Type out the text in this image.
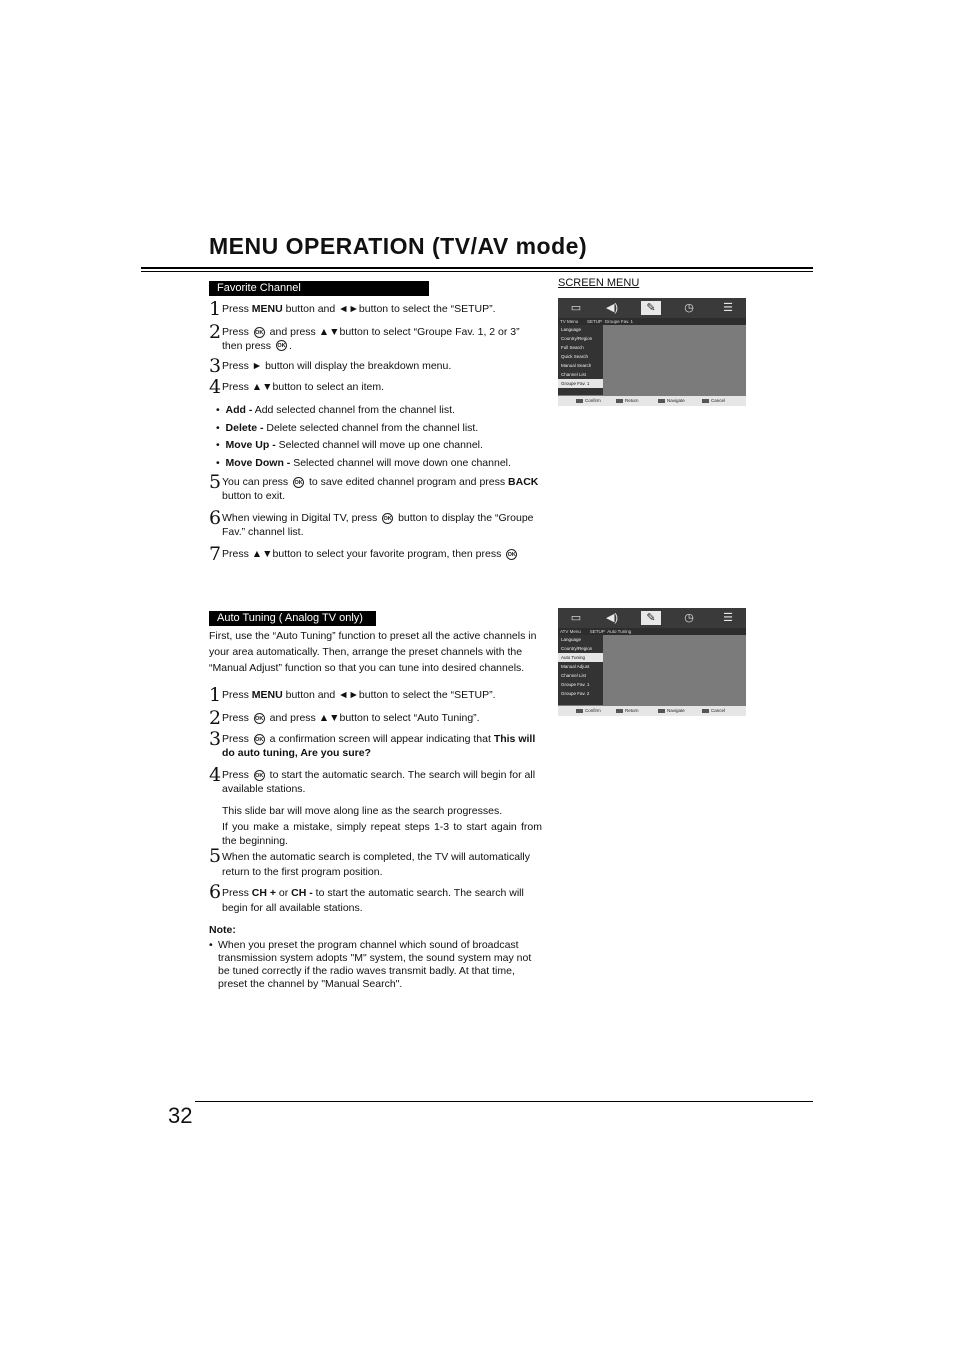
MENU OPERATION (TV/AV mode)
Favorite Channel
1 Press MENU button and ◄►button to select the “SETUP”.
2 Press OK and press ▲▼button to select “Groupe Fav. 1, 2 or 3” then press OK .
3 Press ► button will display the breakdown menu.
4 Press ▲▼button to select an item.
• Add - Add selected channel from the channel list.
• Delete - Delete selected channel from the channel list.
• Move Up - Selected channel will move up one channel.
• Move Down - Selected channel will move down one channel.
5 You can press OK to save edited channel program and press BACK button to exit.
6 When viewing in Digital TV, press OK button to display the “Groupe Fav.” channel list.
7 Press ▲▼button to select your favorite program, then press OK
SCREEN MENU
▭	◀)	✎	◷	☰
TV Menu SETUP Groupe Fav. 1
Language
Country/Region
Full Search
Quick Search
Manual Search
Channel List
Groupe Fav. 1
Confirm	Return	Navigate	Cancel
Auto Tuning ( Analog TV only)
First, use the “Auto Tuning” function to preset all the active channels in your area automatically. Then, arrange the preset channels with the “Manual Adjust” function so that you can tune into desired channels.
1 Press MENU button and ◄►button to select the “SETUP”.
2 Press OK and press ▲▼button to select “Auto Tuning”.
3 Press OK a confirmation screen will appear indicating that This will do auto tuning, Are you sure?
4 Press OK to start the automatic search. The search will begin for all available stations.
This slide bar will move along line as the search progresses.
If you make a mistake, simply repeat steps 1-3 to start again from the beginning.
5 When the automatic search is completed, the TV will automatically return to the first program position.
6 Press CH + or CH - to start the automatic search. The search will begin for all available stations.
Note:
• When you preset the program channel which sound of broadcast transmission system adopts "M" system, the sound system may not be tuned correctly if the radio waves transmit badly. At that time, preset the channel by "Manual Search".
▭	◀)	✎	◷	☰
ATV Menu SETUP Auto Tuning
Language
Country/Region
Auto Tuning
Manual Adjust
Channel List
Groupe Fav. 1
Groupe Fav. 2
Confirm	Return	Navigate	Cancel
32
